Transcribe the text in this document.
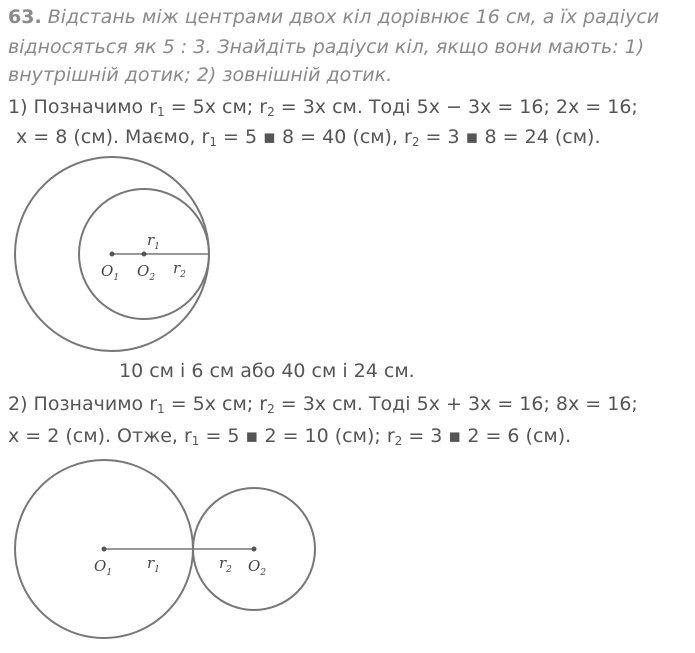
63. Відстань між центрами двох кіл дорівнює 16 см, а їх радіуси
відносяться як 5 : 3. Знайдіть радіуси кіл, якщо вони мають: 1)
внутрішній дотик; 2) зовнішній дотик.
1) Позначимо $r_1 = 5x$ см; $r_2 = 3x$ см. Тоді 5x − 3x = 16; 2x = 16;
x = 8 (см). Маємо, $r_1 = 5$ ▪ 8 = 40 (см), $r_2 = 3$ ▪ 8 = 24 (см).
10 см і 6 см або 40 см і 24 см.
2) Позначимо $r_1 = 5x$ см; $r_2 = 3x$ см. Тоді 5x + 3x = 16; 8x = 16;
x = 2 (см). Отже, $r_1 = 5$ ▪ 2 = 10 (см); $r_2 = 3$ ▪ 2 = 6 (см).
$O_1$ $O_2$
$r_1$
$r_2$
$O_1$	$O_2$
$r_1$	$r_2$
